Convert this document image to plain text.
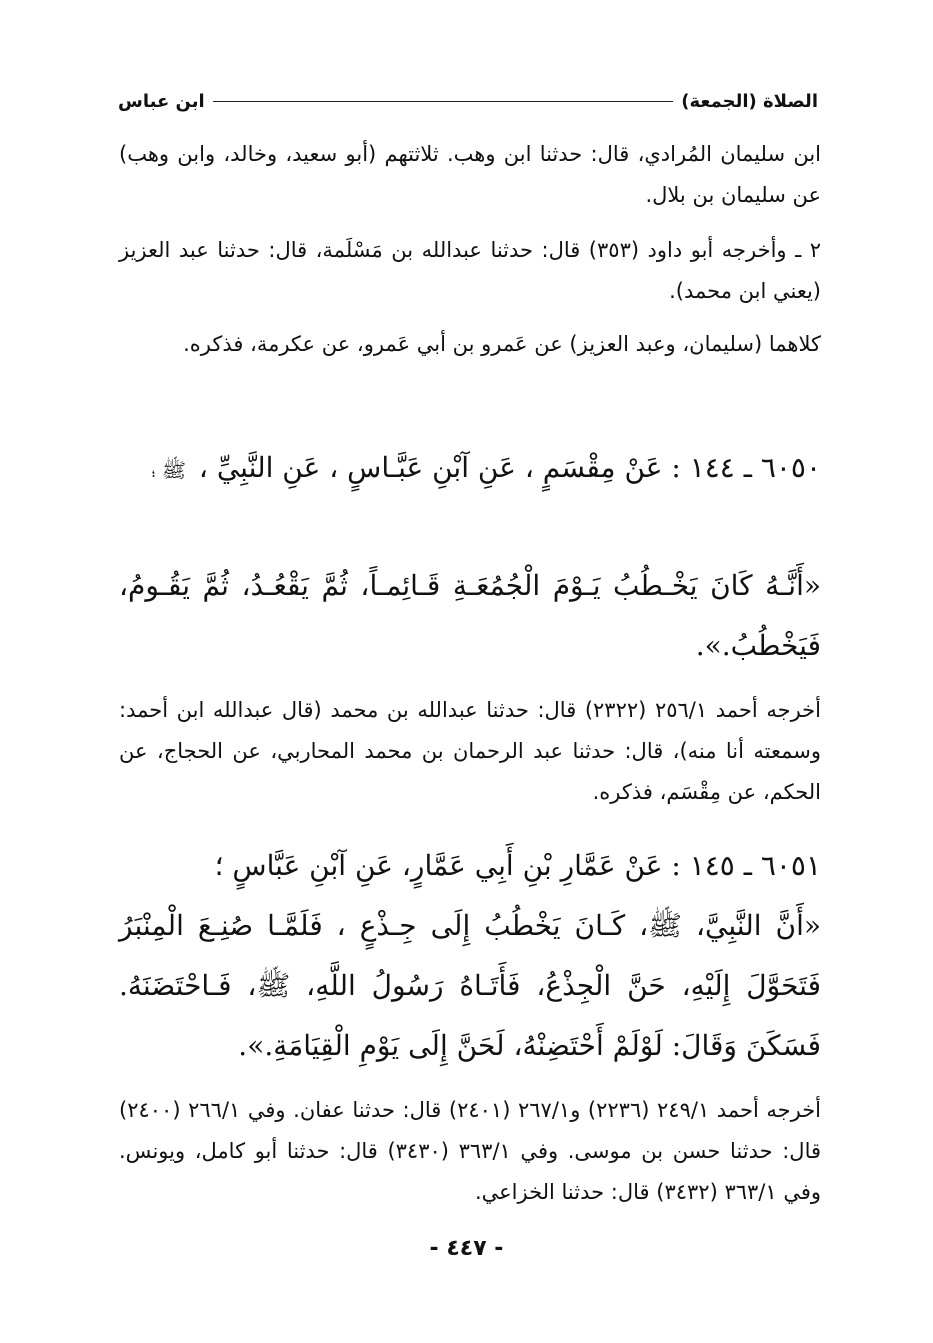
الصلاة (الجمعة)
ابن عباس

ابن سليمان المُرادي، قال: حدثنا ابن وهب. ثلاثتهم (أبو سعيد، وخالد، وابن وهب) عن سليمان بن بلال.

٢ ـ وأخرجه أبو داود (٣٥٣) قال: حدثنا عبدالله بن مَسْلَمة، قال: حدثنا عبد العزيز (يعني ابن محمد).

كلاهما (سليمان، وعبد العزيز) عن عَمرو بن أبي عَمرو، عن عكرمة، فذكره.

٦٠٥٠ ـ ١٤٤ : عَنْ مِقْسَمٍ ، عَنِ آبْنِ عَبَّـاسٍ ، عَنِ النَّبِيِّ ، ﷺ ؛

«أَنَّـهُ كَانَ يَخْـطُبُ يَـوْمَ الْجُمُعَـةِ قَـائِمـاً، ثُمَّ يَقْعُـدُ، ثُمَّ يَقُـومُ، فَيَخْطُبُ.».

أخرجه أحمد ٢٥٦/١ (٢٣٢٢) قال: حدثنا عبدالله بن محمد (قال عبدالله ابن أحمد: وسمعته أنا منه)، قال: حدثنا عبد الرحمان بن محمد المحاربي، عن الحجاج، عن الحكم، عن مِقْسَم، فذكره.

٦٠٥١ ـ ١٤٥ : عَنْ عَمَّارِ بْنِ أَبِي عَمَّارٍ، عَنِ آبْنِ عَبَّاسٍ ؛

«أَنَّ النَّبِيَّ، ﷺ، كَـانَ يَخْطُبُ إِلَى جِـذْعٍ ، فَلَمَّـا صُنِـعَ الْمِنْبَرُ فَتَحَوَّلَ إِلَيْهِ، حَنَّ الْجِذْعُ، فَأَتَـاهُ رَسُولُ اللَّهِ، ﷺ، فَـاحْتَضَنَهُ. فَسَكَنَ وَقَالَ: لَوْلَمْ أَحْتَضِنْهُ، لَحَنَّ إِلَى يَوْمِ الْقِيَامَةِ.».

أخرجه أحمد ٢٤٩/١ (٢٢٣٦) و٢٦٧/١ (٢٤٠١) قال: حدثنا عفان. وفي ٢٦٦/١ (٢٤٠٠) قال: حدثنا حسن بن موسى. وفي ٣٦٣/١ (٣٤٣٠) قال: حدثنا أبو كامل، ويونس. وفي ٣٦٣/١ (٣٤٣٢) قال: حدثنا الخزاعي.

- ٤٤٧ -
